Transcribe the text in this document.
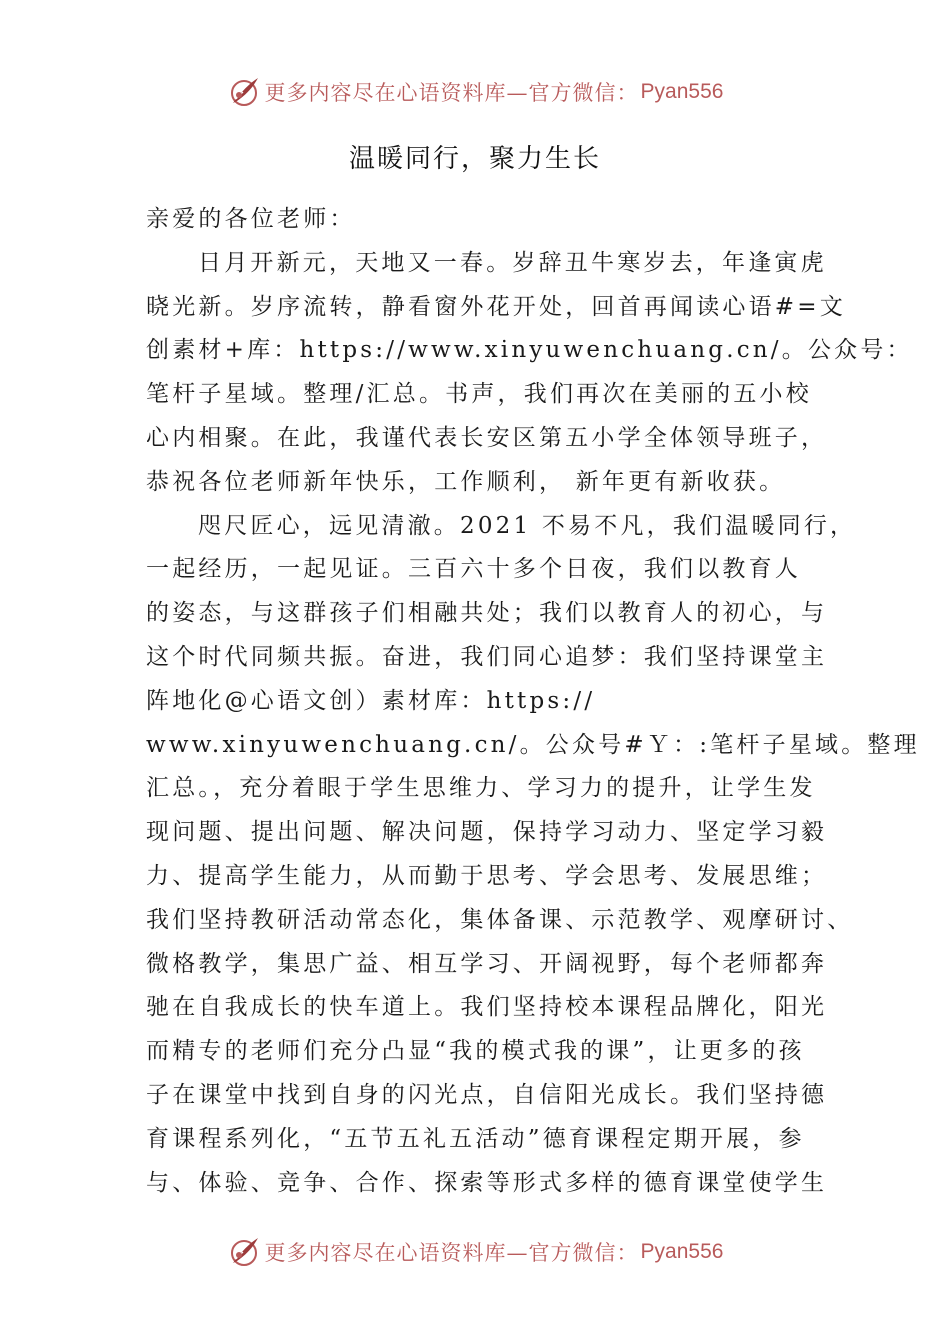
更多内容尽在心语资料库—官方微信： Pyan556
温暖同行，聚力生长
亲爱的各位老师：
日月开新元，天地又一春。岁辞丑牛寒岁去，年逢寅虎
晓光新。岁序流转，静看窗外花开处，回首再闻读心语#=文
创素材+库：https://www.xinyuwenchuang.cn/。公众号：
笔杆子星域。整理/汇总。书声，我们再次在美丽的五小校
⼼内相聚。在此，我谨代表长安区第五小学全体领导班子，
恭祝各位老师新年快乐，工作顺利， 新年更有新收获。
咫尺匠心，远见清澈。2021 不易不凡，我们温暖同行，
一起经历，一起见证。三百六十多个日夜，我们以教育人
的姿态，与这群孩子们相融共处；我们以教育人的初心，与
这个时代同频共振。奋进，我们同心追梦：我们坚持课堂主
阵地化@心语文创）素材库：https://
www.xinyuwenchuang.cn/。公众号#Ｙ：:笔杆子星域。整理
汇总。，充分着眼于学生思维力、学习力的提升，让学生发
现问题、提出问题、解决问题，保持学习动力、坚定学习毅
力、提高学生能力，从而勤于思考、学会思考、发展思维；
我们坚持教研活动常态化，集体备课、示范教学、观摩研讨、
微格教学，集思广益、相互学习、开阔视野，每个老师都奔
驰在自我成长的快车道上。我们坚持校本课程品牌化，阳光
而精专的老师们充分凸显“我的模式我的课”，让更多的孩
子在课堂中找到自身的闪光点，自信阳光成长。我们坚持德
育课程系列化，“五节五礼五活动”德育课程定期开展，参
与、体验、竞争、合作、探索等形式多样的德育课堂使学生
更多内容尽在心语资料库—官方微信： Pyan556
